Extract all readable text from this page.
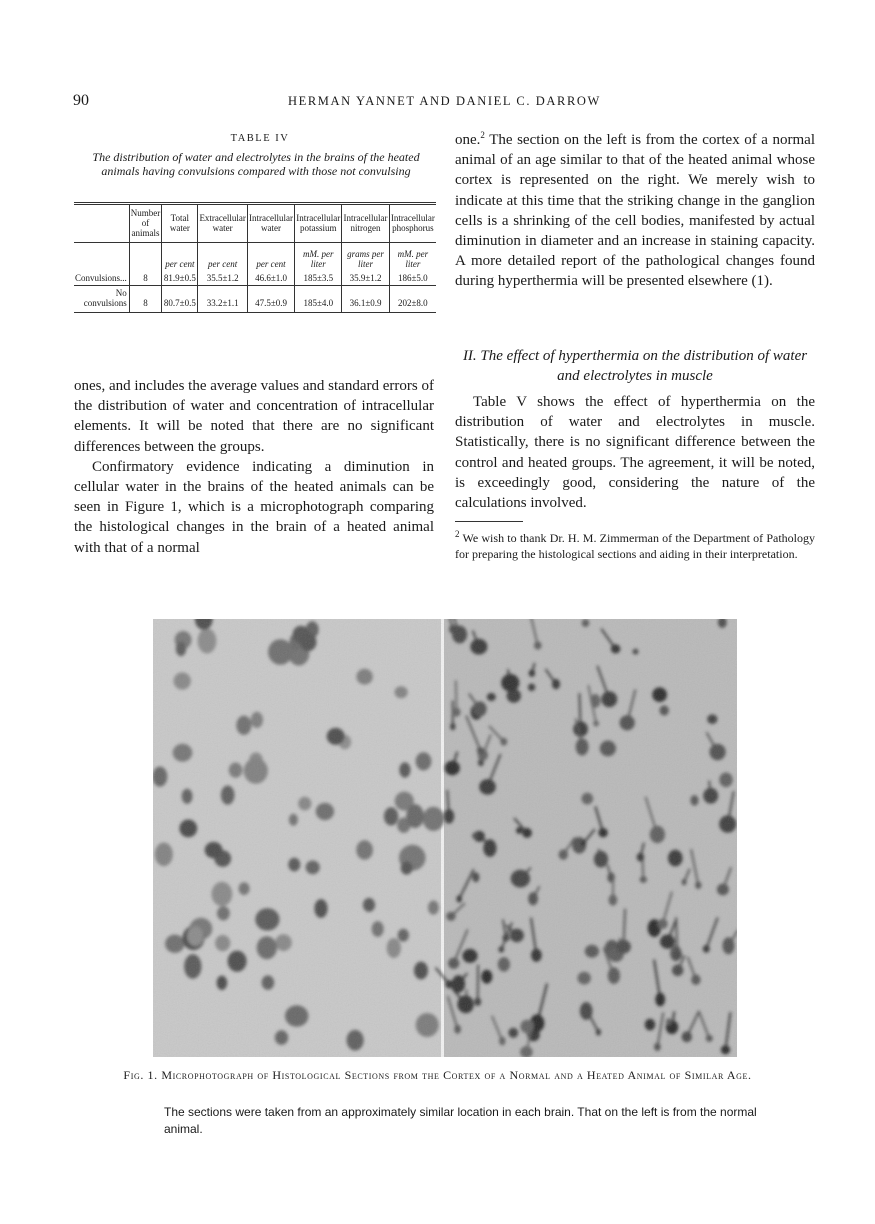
90	HERMAN YANNET AND DANIEL C. DARROW
TABLE IV
The distribution of water and electrolytes in the brains of the heated animals having convulsions compared with those not convulsing
	Number of animals	Total water	Extracellular water	Intracellular water	Intracellular potassium	Intracellular nitrogen	Intracellular phosphorus
		per cent	per cent	per cent	mM. per liter	grams per liter	mM. per liter
Convulsions...	8	81.9±0.5	35.5±1.2	46.6±1.0	185±3.5	35.9±1.2	186±5.0
No convulsions	8	80.7±0.5	33.2±1.1	47.5±0.9	185±4.0	36.1±0.9	202±8.0

ones, and includes the average values and standard errors of the distribution of water and concentration of intracellular elements. It will be noted that there are no significant differences between the groups.

Confirmatory evidence indicating a diminution in cellular water in the brains of the heated animals can be seen in Figure 1, which is a microphotograph comparing the histological changes in the brain of a heated animal with that of a normal

one.$^2$ The section on the left is from the cortex of a normal animal of an age similar to that of the heated animal whose cortex is represented on the right. We merely wish to indicate at this time that the striking change in the ganglion cells is a shrinking of the cell bodies, manifested by actual diminution in diameter and an increase in staining capacity. A more detailed report of the pathological changes found during hyperthermia will be presented elsewhere (1).

II. The effect of hyperthermia on the distribution of water and electrolytes in muscle

Table V shows the effect of hyperthermia on the distribution of water and electrolytes in muscle. Statistically, there is no significant difference between the control and heated groups. The agreement, it will be noted, is exceedingly good, considering the nature of the calculations involved.

$^2$ We wish to thank Dr. H. M. Zimmerman of the Department of Pathology for preparing the histological sections and aiding in their interpretation.
Fig. 1. Microphotograph of Histological Sections from the Cortex of a Normal and a Heated Animal of Similar Age.

The sections were taken from an approximately similar location in each brain. That on the left is from the normal animal.
